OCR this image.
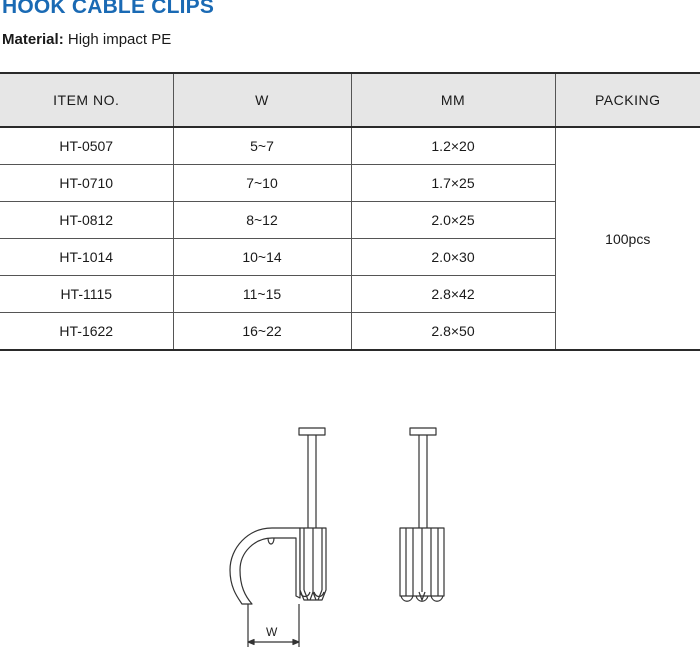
HOOK CABLE CLIPS
Material: High impact PE
ITEM NO.	W	MM	PACKING
HT-0507	5~7	1.2×20	100pcs
HT-0710	7~10	1.7×25	
HT-0812	8~12	2.0×25	
HT-1014	10~14	2.0×30	
HT-1115	11~15	2.8×42	
HT-1622	16~22	2.8×50	
W
